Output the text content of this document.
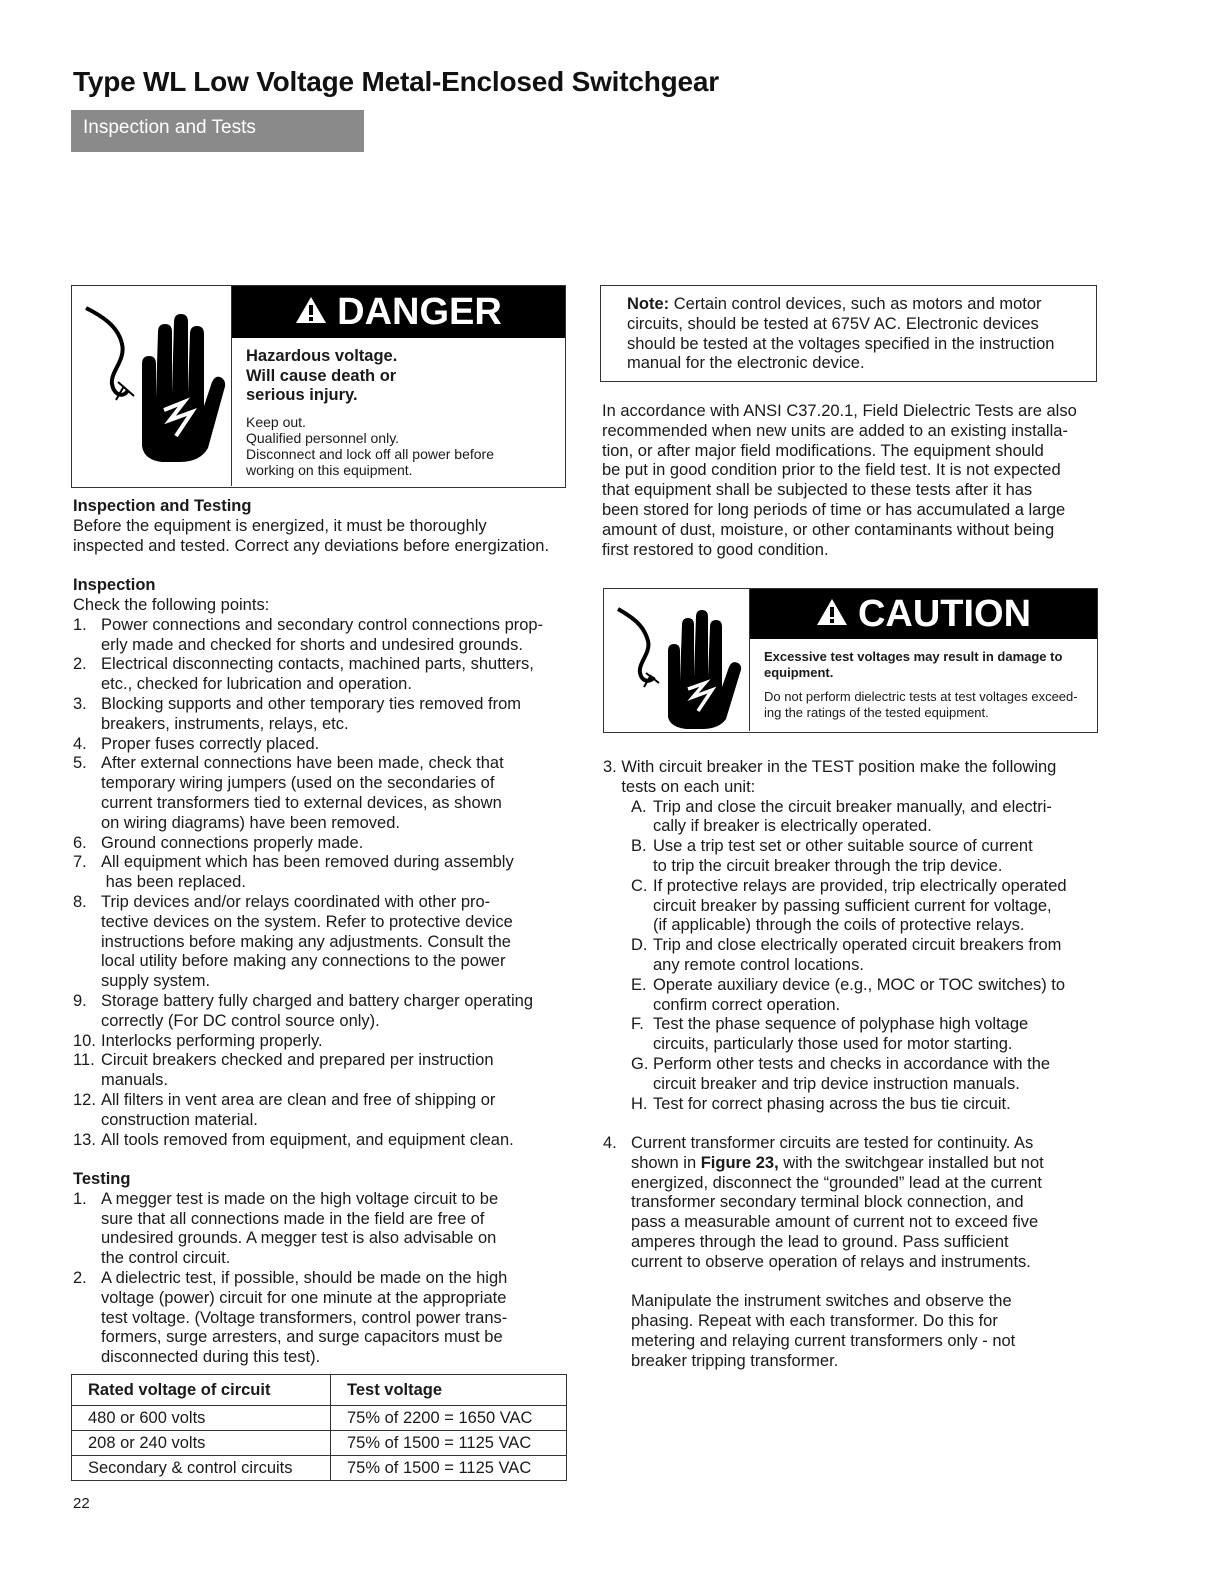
Type WL Low Voltage Metal-Enclosed Switchgear
Inspection and Tests
DANGER
Hazardous voltage.
Will cause death or
serious injury.
Keep out.
Qualified personnel only.
Disconnect and lock off all power before
working on this equipment.
Inspection and Testing
Before the equipment is energized, it must be thoroughly
inspected and tested. Correct any deviations before energization.
Inspection
Check the following points:
1. Power connections and secondary control connections prop-
erly made and checked for shorts and undesired grounds.
2. Electrical disconnecting contacts, machined parts, shutters,
etc., checked for lubrication and operation.
3. Blocking supports and other temporary ties removed from
breakers, instruments, relays, etc.
4. Proper fuses correctly placed.
5. After external connections have been made, check that
temporary wiring jumpers (used on the secondaries of
current transformers tied to external devices, as shown
on wiring diagrams) have been removed.
6. Ground connections properly made.
7. All equipment which has been removed during assembly
has been replaced.
8. Trip devices and/or relays coordinated with other pro-
tective devices on the system. Refer to protective device
instructions before making any adjustments. Consult the
local utility before making any connections to the power
supply system.
9. Storage battery fully charged and battery charger operating
correctly (For DC control source only).
10. Interlocks performing properly.
11. Circuit breakers checked and prepared per instruction
manuals.
12. All filters in vent area are clean and free of shipping or
construction material.
13. All tools removed from equipment, and equipment clean.
Testing
1. A megger test is made on the high voltage circuit to be
sure that all connections made in the field are free of
undesired grounds. A megger test is also advisable on
the control circuit.
2. A dielectric test, if possible, should be made on the high
voltage (power) circuit for one minute at the appropriate
test voltage. (Voltage transformers, control power trans-
formers, surge arresters, and surge capacitors must be
disconnected during this test).
Rated voltage of circuit	Test voltage
480 or 600 volts	75% of 2200 = 1650 VAC
208 or 240 volts	75% of 1500 = 1125 VAC
Secondary & control circuits	75% of 1500 = 1125 VAC
22
Note: Certain control devices, such as motors and motor
circuits, should be tested at 675V AC. Electronic devices
should be tested at the voltages specified in the instruction
manual for the electronic device.
In accordance with ANSI C37.20.1, Field Dielectric Tests are also
recommended when new units are added to an existing installa-
tion, or after major field modifications. The equipment should
be put in good condition prior to the field test. It is not expected
that equipment shall be subjected to these tests after it has
been stored for long periods of time or has accumulated a large
amount of dust, moisture, or other contaminants without being
first restored to good condition.
CAUTION
Excessive test voltages may result in damage to
equipment.
Do not perform dielectric tests at test voltages exceed-
ing the ratings of the tested equipment.
3. With circuit breaker in the TEST position make the following
tests on each unit:
A. Trip and close the circuit breaker manually, and electri-
cally if breaker is electrically operated.
B. Use a trip test set or other suitable source of current
to trip the circuit breaker through the trip device.
C. If protective relays are provided, trip electrically operated
circuit breaker by passing sufficient current for voltage,
(if applicable) through the coils of protective relays.
D. Trip and close electrically operated circuit breakers from
any remote control locations.
E. Operate auxiliary device (e.g., MOC or TOC switches) to
confirm correct operation.
F. Test the phase sequence of polyphase high voltage
circuits, particularly those used for motor starting.
G. Perform other tests and checks in accordance with the
circuit breaker and trip device instruction manuals.
H. Test for correct phasing across the bus tie circuit.
4. Current transformer circuits are tested for continuity. As
shown in Figure 23, with the switchgear installed but not
energized, disconnect the “grounded” lead at the current
transformer secondary terminal block connection, and
pass a measurable amount of current not to exceed five
amperes through the lead to ground. Pass sufficient
current to observe operation of relays and instruments.
Manipulate the instrument switches and observe the
phasing. Repeat with each transformer. Do this for
metering and relaying current transformers only - not
breaker tripping transformer.
